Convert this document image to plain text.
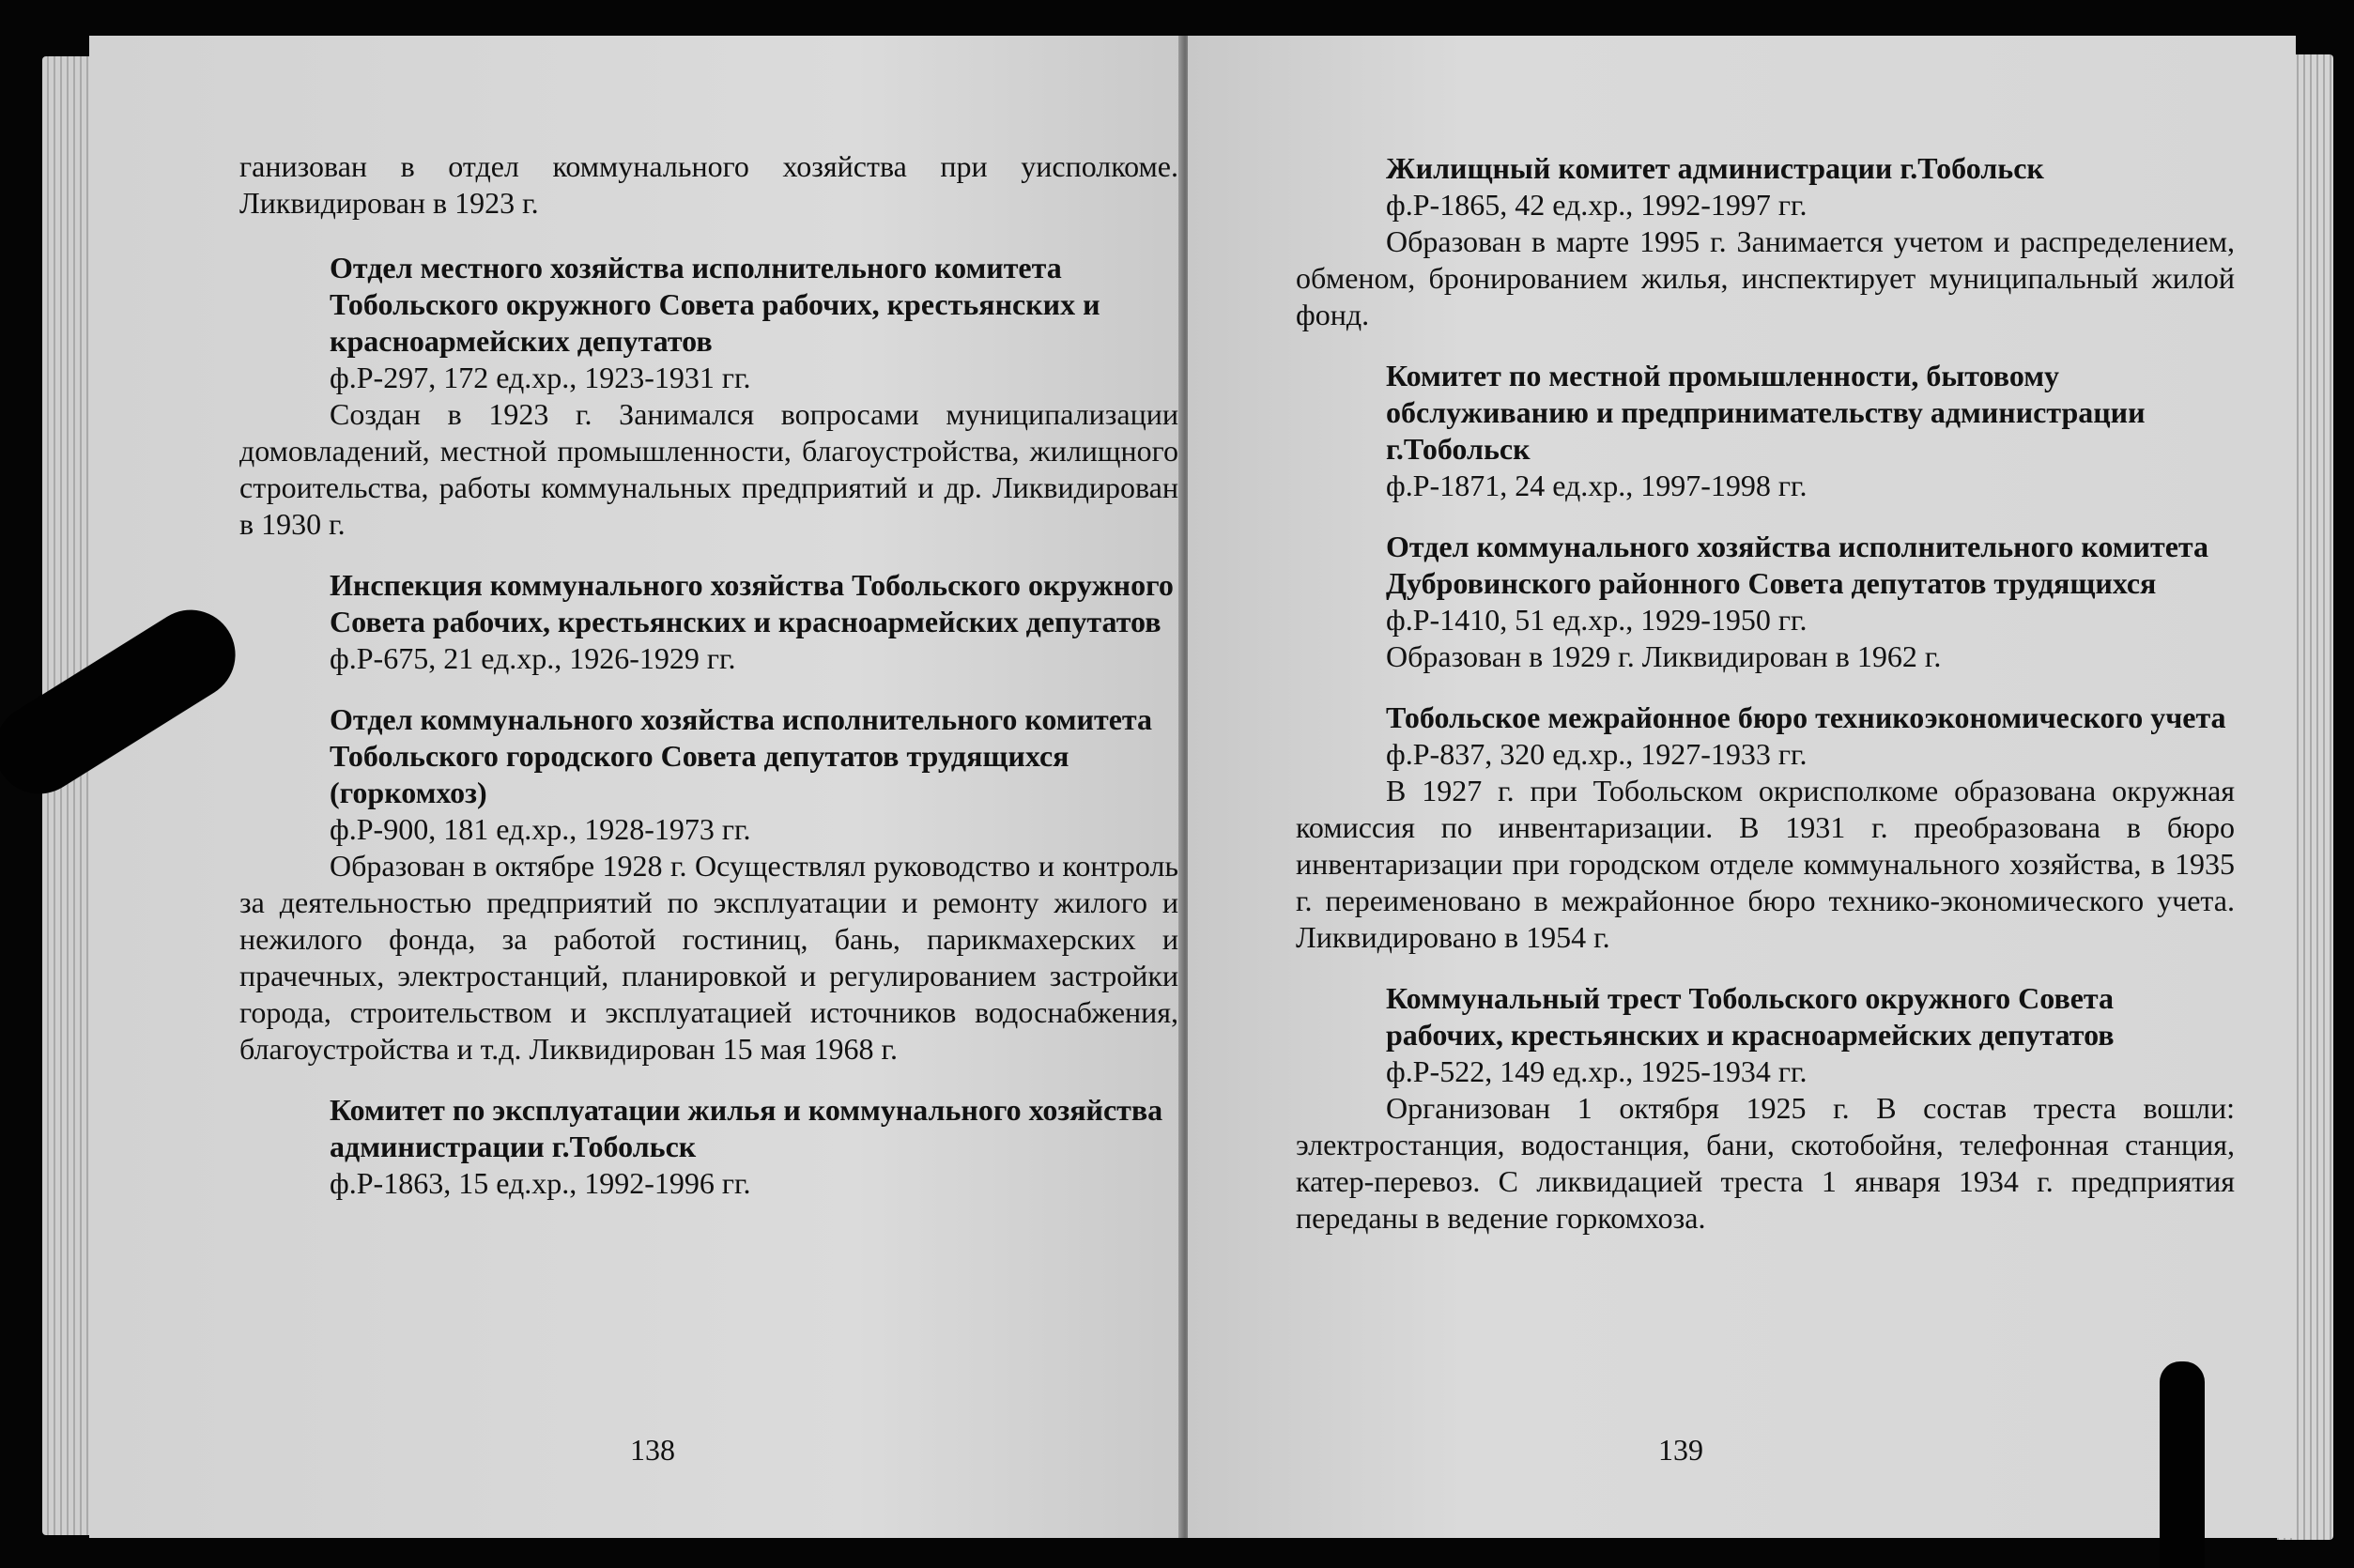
ганизован в отдел коммунального хозяйства при уисполкоме. Ликвидирован в 1923 г.

Отдел местного хозяйства исполнительного комитета Тобольского окружного Совета рабочих, крестьянских и красноармейских депутатов
ф.Р-297, 172 ед.хр., 1923-1931 гг.

Создан в 1923 г. Занимался вопросами муниципализации домовладений, местной промышленности, благоустройства, жилищного строительства, работы коммунальных предприятий и др. Ликвидирован в 1930 г.

Инспекция коммунального хозяйства Тобольского окружного Совета рабочих, крестьянских и красноармейских депутатов
ф.Р-675, 21 ед.хр., 1926-1929 гг.
Отдел коммунального хозяйства исполнительного комитета Тобольского городского Совета депутатов трудящихся (горкомхоз)
ф.Р-900, 181 ед.хр., 1928-1973 гг.

Образован в октябре 1928 г. Осуществлял руководство и контроль за деятельностью предприятий по эксплуатации и ремонту жилого и нежилого фонда, за работой гостиниц, бань, парикмахерских и прачечных, электростанций, планировкой и регулированием застройки города, строительством и эксплуатацией источников водоснабжения, благоустройства и т.д. Ликвидирован 15 мая 1968 г.

Комитет по эксплуатации жилья и коммунального хозяйства администрации г.Тобольск
ф.Р-1863, 15 ед.хр., 1992-1996 гг.
138
Жилищный комитет администрации г.Тобольск
ф.Р-1865, 42 ед.хр., 1992-1997 гг.

Образован в марте 1995 г. Занимается учетом и распределением, обменом, бронированием жилья, инспектирует муниципальный жилой фонд.

Комитет по местной промышленности, бытовому обслуживанию и предпринимательству администрации г.Тобольск
ф.Р-1871, 24 ед.хр., 1997-1998 гг.
Отдел коммунального хозяйства исполнительного комитета Дубровинского районного Совета депутатов трудящихся
ф.Р-1410, 51 ед.хр., 1929-1950 гг.

Образован в 1929 г. Ликвидирован в 1962 г.

Тобольское межрайонное бюро техникоэкономического учета
ф.Р-837, 320 ед.хр., 1927-1933 гг.

В 1927 г. при Тобольском окрисполкоме образована окружная комиссия по инвентаризации. В 1931 г. преобразована в бюро инвентаризации при городском отделе коммунального хозяйства, в 1935 г. переименовано в межрайонное бюро технико-экономического учета. Ликвидировано в 1954 г.

Коммунальный трест Тобольского окружного Совета рабочих, крестьянских и красноармейских депутатов
ф.Р-522, 149 ед.хр., 1925-1934 гг.

Организован 1 октября 1925 г. В состав треста вошли: электростанция, водостанция, бани, скотобойня, телефонная станция, катер-перевоз. С ликвидацией треста 1 января 1934 г. предприятия переданы в ведение горкомхоза.

139
